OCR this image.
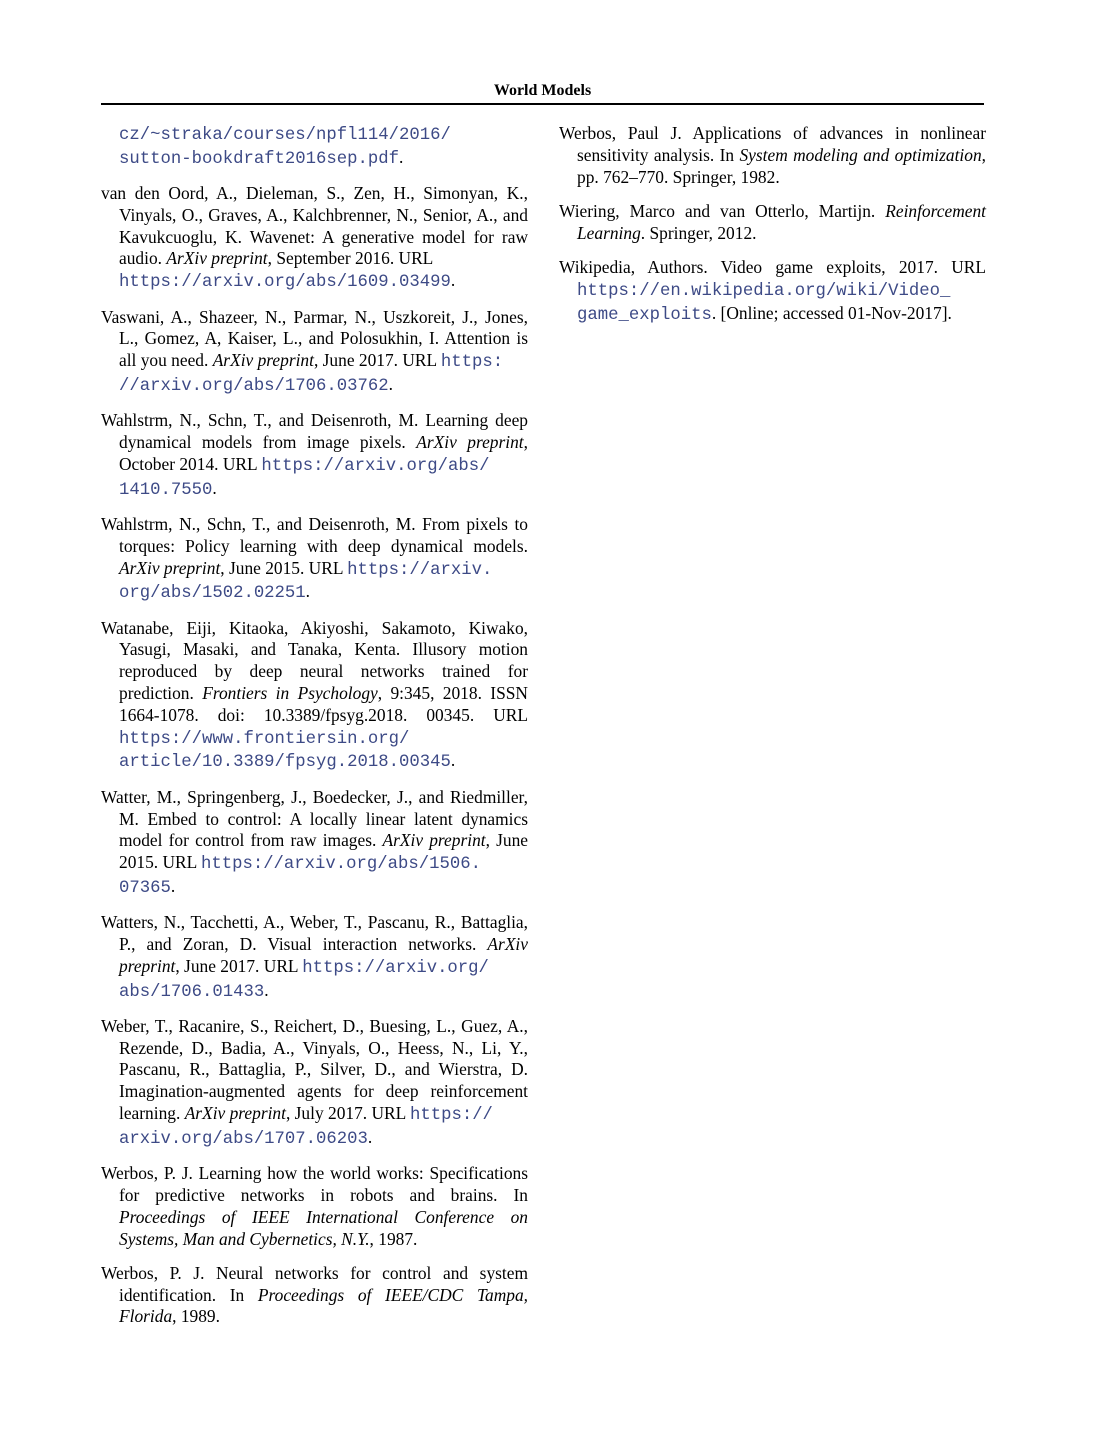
World Models
cz/~straka/courses/npfl114/2016/
sutton-bookdraft2016sep.pdf.
van den Oord, A., Dieleman, S., Zen, H., Simonyan, K., Vinyals, O., Graves, A., Kalchbrenner, N., Senior, A., and Kavukcuoglu, K. Wavenet: A generative model for raw audio. ArXiv preprint, September 2016. URL
https://arxiv.org/abs/1609.03499.
Vaswani, A., Shazeer, N., Parmar, N., Uszkoreit, J., Jones, L., Gomez, A, Kaiser, L., and Polosukhin, I. Attention is all you need. ArXiv preprint, June 2017. URL https:
//arxiv.org/abs/1706.03762.
Wahlstrm, N., Schn, T., and Deisenroth, M. Learning deep dynamical models from image pixels. ArXiv preprint, October 2014. URL https://arxiv.org/abs/
1410.7550.
Wahlstrm, N., Schn, T., and Deisenroth, M. From pixels to torques: Policy learning with deep dynamical models. ArXiv preprint, June 2015. URL https://arxiv.
org/abs/1502.02251.
Watanabe, Eiji, Kitaoka, Akiyoshi, Sakamoto, Kiwako, Yasugi, Masaki, and Tanaka, Kenta. Illusory motion reproduced by deep neural networks trained for prediction. Frontiers in Psychology, 9:345, 2018. ISSN 1664-1078. doi: 10.3389/fpsyg.2018. 00345. URL https://www.frontiersin.org/
article/10.3389/fpsyg.2018.00345.
Watter, M., Springenberg, J., Boedecker, J., and Riedmiller, M. Embed to control: A locally linear latent dynamics model for control from raw images. ArXiv preprint, June 2015. URL https://arxiv.org/abs/1506.
07365.
Watters, N., Tacchetti, A., Weber, T., Pascanu, R., Battaglia, P., and Zoran, D. Visual interaction networks. ArXiv preprint, June 2017. URL https://arxiv.org/
abs/1706.01433.
Weber, T., Racanire, S., Reichert, D., Buesing, L., Guez, A., Rezende, D., Badia, A., Vinyals, O., Heess, N., Li, Y., Pascanu, R., Battaglia, P., Silver, D., and Wierstra, D. Imagination-augmented agents for deep reinforcement learning. ArXiv preprint, July 2017. URL https://
arxiv.org/abs/1707.06203.
Werbos, P. J. Learning how the world works: Specifications for predictive networks in robots and brains. In Proceedings of IEEE International Conference on Systems, Man and Cybernetics, N.Y., 1987.
Werbos, P. J. Neural networks for control and system identification. In Proceedings of IEEE/CDC Tampa, Florida, 1989.
Werbos, Paul J. Applications of advances in nonlinear sensitivity analysis. In System modeling and optimization, pp. 762–770. Springer, 1982.
Wiering, Marco and van Otterlo, Martijn. Reinforcement Learning. Springer, 2012.
Wikipedia, Authors. Video game exploits, 2017. URL https://en.wikipedia.org/wiki/Video_
game_exploits. [Online; accessed 01-Nov-2017].
